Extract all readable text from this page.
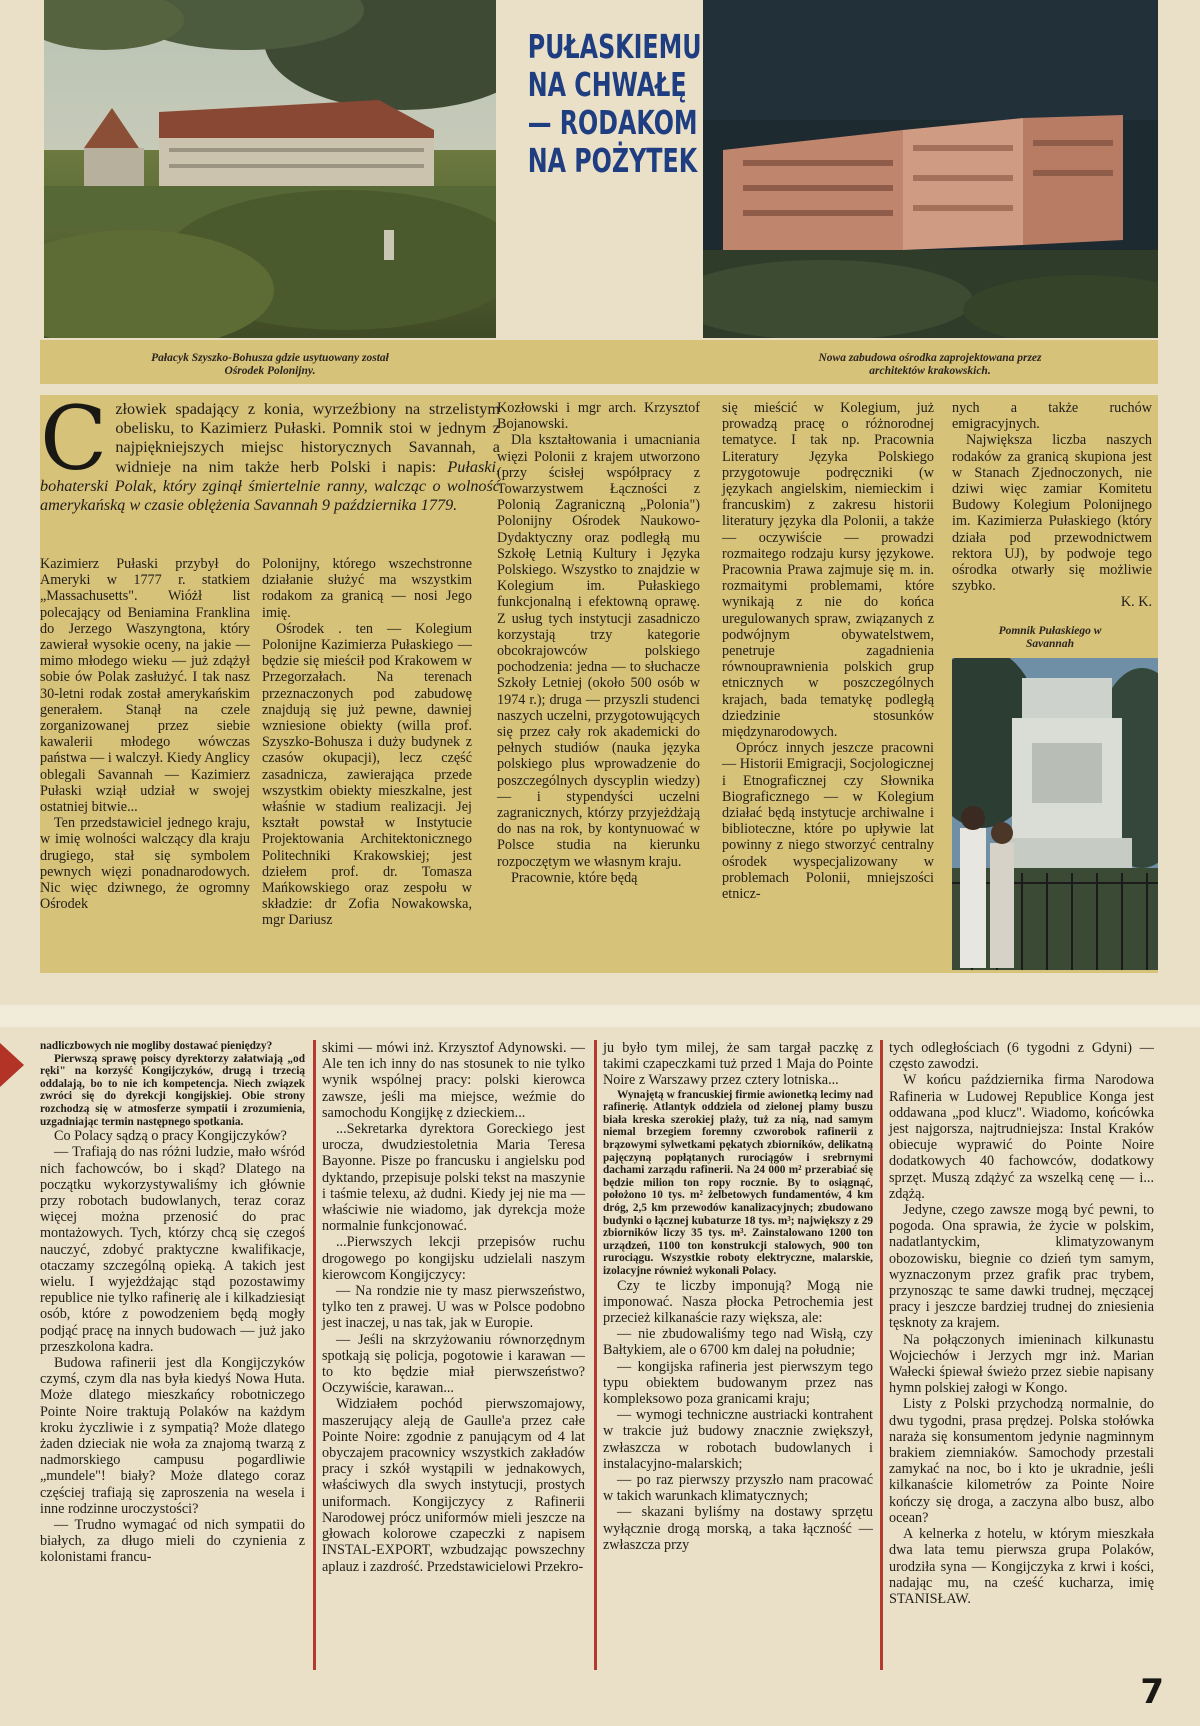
PUŁASKIEMU
NA CHWAŁĘ
— RODAKOM
NA POŻYTEK
Pałacyk Szyszko-Bohusza gdzie usytuowany został Ośrodek Polonijny.
Nowa zabudowa ośrodka zaprojektowana przez architektów krakowskich.
C złowiek spadający z konia, wyrzeźbiony na strzelistym obelisku, to Kazimierz Pułaski. Pomnik stoi w jednym z najpiękniejszych miejsc historycznych Savannah, a widnieje na nim także herb Polski i napis: Pułaski, bohaterski Polak, który zginął śmiertelnie ranny, walcząc o wolność amerykańską w czasie oblężenia Savannah 9 października 1779.

Kazimierz Pułaski przybył do Ameryki w 1777 r. statkiem „Massachusetts". Wióżł list polecający od Beniamina Franklina do Jerzego Waszyngtona, który zawierał wysokie oceny, na jakie — mimo młodego wieku — już zdążył sobie ów Polak zasłużyć. I tak nasz 30-letni rodak został amerykańskim generałem. Stanął na czele zorganizowanej przez siebie kawalerii młodego wówczas państwa — i walczył. Kiedy Anglicy oblegali Savannah — Kazimierz Pułaski wziął udział w swojej ostatniej bitwie...

Ten przedstawiciel jednego kraju, w imię wolności walczący dla kraju drugiego, stał się symbolem pewnych więzi ponadnarodowych. Nic więc dziwnego, że ogromny Ośrodek

Polonijny, którego wszechstronne działanie służyć ma wszystkim rodakom za granicą — nosi Jego imię.

Ośrodek . ten — Kolegium Polonijne Kazimierza Pułaskiego — będzie się mieścił pod Krakowem w Przegorzałach. Na terenach przeznaczonych pod zabudowę znajdują się już pewne, dawniej wzniesione obiekty (willa prof. Szyszko-Bohusza i duży budynek z czasów okupacji), lecz część zasadnicza, zawierająca przede wszystkim obiekty mieszkalne, jest właśnie w stadium realizacji. Jej kształt powstał w Instytucie Projektowania Architektonicznego Politechniki Krakowskiej; jest dziełem prof. dr. Tomasza Mańkowskiego oraz zespołu w składzie: dr Zofia Nowakowska, mgr Dariusz

Kozłowski i mgr arch. Krzysztof Bojanowski.

Dla kształtowania i umacniania więzi Polonii z krajem utworzono (przy ścisłej współpracy z Towarzystwem Łączności z Polonią Zagraniczną „Polonia") Polonijny Ośrodek Naukowo-Dydaktyczny oraz podległą mu Szkołę Letnią Kultury i Języka Polskiego. Wszystko to znajdzie w Kolegium im. Pułaskiego funkcjonalną i efektowną oprawę. Z usług tych instytucji zasadniczo korzystają trzy kategorie obcokrajowców polskiego pochodzenia: jedna — to słuchacze Szkoły Letniej (około 500 osób w 1974 r.); druga — przyszli studenci naszych uczelni, przygotowujących się przez cały rok akademicki do pełnych studiów (nauka języka polskiego plus wprowadzenie do poszczególnych dyscyplin wiedzy) — i stypendyści uczelni zagranicznych, którzy przyjeżdżają do nas na rok, by kontynuować w Polsce studia na kierunku rozpoczętym we własnym kraju.

Pracownie, które będą

się mieścić w Kolegium, już prowadzą pracę o różnorodnej tematyce. I tak np. Pracownia Literatury Języka Polskiego przygotowuje podręczniki (w językach angielskim, niemieckim i francuskim) z zakresu historii literatury języka dla Polonii, a także — oczywiście — prowadzi rozmaitego rodzaju kursy językowe. Pracownia Prawa zajmuje się m. in. rozmaitymi problemami, które wynikają z nie do końca uregulowanych spraw, związanych z podwójnym obywatelstwem, penetruje zagadnienia równouprawnienia polskich grup etnicznych w poszczególnych krajach, bada tematykę podległą dziedzinie stosunków międzynarodowych.

Oprócz innych jeszcze pracowni — Historii Emigracji, Socjologicznej i Etnograficznej czy Słownika Biograficznego — w Kolegium działać będą instytucje archiwalne i biblioteczne, które po upływie lat powinny z niego stworzyć centralny ośrodek wyspecjalizowany w problemach Polonii, mniejszości etnicz-

nych a także ruchów emigracyjnych.

Największa liczba naszych rodaków za granicą skupiona jest w Stanach Zjednoczonych, nie dziwi więc zamiar Komitetu Budowy Kolegium Polonijnego im. Kazimierza Pułaskiego (który działa pod przewodnictwem rektora UJ), by podwoje tego ośrodka otwarły się możliwie szybko.

K. K.

Pomnik Pułaskiego w Savannah

nadliczbowych nie mogliby dostawać pieniędzy?

Pierwszą sprawę poiscy dyrektorzy załatwiają „od ręki" na korzyść Kongijczyków, drugą i trzecią oddalają, bo to nie ich kompetencja. Niech związek zwróci się do dyrekcji kongijskiej. Obie strony rozchodzą się w atmosferze sympatii i zrozumienia, uzgadniając termin następnego spotkania.

Co Polacy sądzą o pracy Kongijczyków?

— Trafiają do nas różni ludzie, mało wśród nich fachowców, bo i skąd? Dlatego na początku wykorzystywaliśmy ich głównie przy robotach budowlanych, teraz coraz więcej można przenosić do prac montażowych. Tych, którzy chcą się czegoś nauczyć, zdobyć praktyczne kwalifikacje, otaczamy szczególną opieką. A takich jest wielu. I wyjeżdżając stąd pozostawimy republice nie tylko rafinerię ale i kilkadziesiąt osób, które z powodzeniem będą mogły podjąć pracę na innych budowach — już jako przeszkolona kadra.

Budowa rafinerii jest dla Kongijczyków czymś, czym dla nas była kiedyś Nowa Huta. Może dlatego mieszkańcy robotniczego Pointe Noire traktują Polaków na każdym kroku życzliwie i z sympatią? Może dlatego żaden dzieciak nie woła za znajomą twarzą z nadmorskiego campusu pogardliwie „mundele"! biały? Może dlatego coraz częściej trafiają się zaproszenia na wesela i inne rodzinne uroczystości?

— Trudno wymagać od nich sympatii do białych, za długo mieli do czynienia z kolonistami francu-

skimi — mówi inż. Krzysztof Adynowski. — Ale ten ich inny do nas stosunek to nie tylko wynik wspólnej pracy: polski kierowca zawsze, jeśli ma miejsce, weźmie do samochodu Kongijkę z dzieckiem...

...Sekretarka dyrektora Goreckiego jest urocza, dwudziestoletnia Maria Teresa Bayonne. Pisze po francusku i angielsku pod dyktando, przepisuje polski tekst na maszynie i taśmie telexu, aż dudni. Kiedy jej nie ma — właściwie nie wiadomo, jak dyrekcja może normalnie funkcjonować.

...Pierwszych lekcji przepisów ruchu drogowego po kongijsku udzielali naszym kierowcom Kongijczycy:

— Na rondzie nie ty masz pierwszeństwo, tylko ten z prawej. U was w Polsce podobno jest inaczej, u nas tak, jak w Europie.

— Jeśli na skrzyżowaniu równorzędnym spotkają się policja, pogotowie i karawan — to kto będzie miał pierwszeństwo? Oczywiście, karawan...

Widziałem pochód pierwszomajowy, maszerujący aleją de Gaulle'a przez całe Pointe Noire: zgodnie z panującym od 4 lat obyczajem pracownicy wszystkich zakładów pracy i szkół wystąpili w jednakowych, właściwych dla swych instytucji, prostych uniformach. Kongijczycy z Rafinerii Narodowej prócz uniformów mieli jeszcze na głowach kolorowe czapeczki z napisem INSTAL-EXPORT, wzbudzając powszechny aplauz i zazdrość. Przedstawicielowi Przekro-

ju było tym milej, że sam targał paczkę z takimi czapeczkami tuż przed 1 Maja do Pointe Noire z Warszawy przez cztery lotniska...

Wynajętą w francuskiej firmie awionetką lecimy nad rafinerię. Atlantyk oddziela od zielonej plamy buszu biała kreska szerokiej plaży, tuż za nią, nad samym niemal brzegiem foremny czworobok rafinerii z brązowymi sylwetkami pękatych zbiorników, delikatną pajęczyną popłątanych rurociągów i srebrnymi dachami zarządu rafinerii. Na 24 000 m² przerabiać się będzie milion ton ropy rocznie. By to osiągnąć, położono 10 tys. m² żelbetowych fundamentów, 4 km dróg, 2,5 km przewodów kanalizacyjnych; zbudowano budynki o łącznej kubaturze 18 tys. m³; największy z 29 zbiorników liczy 35 tys. m³. Zainstalowano 1200 ton urządzeń, 1100 ton konstrukcji stalowych, 900 ton rurociągu. Wszystkie roboty elektryczne, malarskie, izolacyjne również wykonali Polacy.

Czy te liczby imponują? Mogą nie imponować. Nasza płocka Petrochemia jest przecież kilkanaście razy większa, ale:

— nie zbudowaliśmy tego nad Wisłą, czy Bałtykiem, ale o 6700 km dalej na południe;

— kongijska rafineria jest pierwszym tego typu obiektem budowanym przez nas kompleksowo poza granicami kraju;

— wymogi techniczne austriacki kontrahent w trakcie już budowy znacznie zwiększył, zwłaszcza w robotach budowlanych i instalacyjno-malarskich;

— po raz pierwszy przyszło nam pracować w takich warunkach klimatycznych;

— skazani byliśmy na dostawy sprzętu wyłącznie drogą morską, a taka łączność — zwłaszcza przy

tych odległościach (6 tygodni z Gdyni) — często zawodzi.

W końcu października firma Narodowa Rafineria w Ludowej Republice Konga jest oddawana „pod klucz". Wiadomo, końcówka jest najgorsza, najtrudniejsza: Instal Kraków obiecuje wyprawić do Pointe Noire dodatkowych 40 fachowców, dodatkowy sprzęt. Muszą zdążyć za wszelką cenę — i... zdążą.

Jedyne, czego zawsze mogą być pewni, to pogoda. Ona sprawia, że życie w polskim, nadatlantyckim, klimatyzowanym obozowisku, biegnie co dzień tym samym, wyznaczonym przez grafik prac trybem, przynosząc te same dawki trudnej, męczącej pracy i jeszcze bardziej trudnej do zniesienia tęsknoty za krajem.

Na połączonych imieninach kilkunastu Wojciechów i Jerzych mgr inż. Marian Wałecki śpiewał świeżo przez siebie napisany hymn polskiej załogi w Kongo.

Listy z Polski przychodzą normalnie, do dwu tygodni, prasa prędzej. Polska stołówka naraża się konsumentom jedynie nagminnym brakiem ziemniaków. Samochody przestali zamykać na noc, bo i kto je ukradnie, jeśli kilkanaście kilometrów za Pointe Noire kończy się droga, a zaczyna albo busz, albo ocean?

A kelnerka z hotelu, w którym mieszkała dwa lata temu pierwsza grupa Polaków, urodziła syna — Kongijczyka z krwi i kości, nadając mu, na cześć kucharza, imię STANISŁAW.

7
